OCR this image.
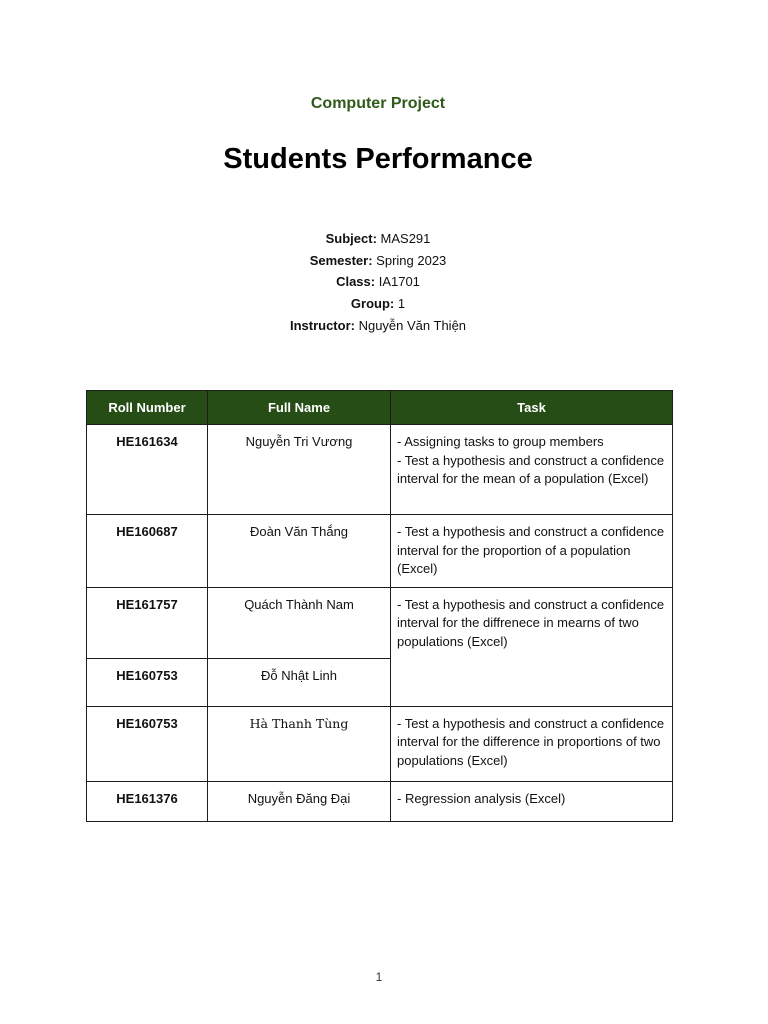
Computer Project
Students Performance
Subject: MAS291
Semester: Spring 2023
Class: IA1701
Group: 1
Instructor: Nguyễn Văn Thiện
Roll Number	Full Name	Task
HE161634	Nguyễn Tri Vương	- Assigning tasks to group members
- Test a hypothesis and construct a confidence interval for the mean of a population (Excel)

HE160687	Đoàn Văn Thắng	- Test a hypothesis and construct a confidence interval for the proportion of a population (Excel)

HE161757	Quách Thành Nam	- Test a hypothesis and construct a confidence interval for the diffrenece in mearns of two populations (Excel)

HE160753	Đỗ Nhật Linh	
HE160753	Hà Thanh Tùng	- Test a hypothesis and construct a confidence interval for the difference in proportions of two populations (Excel)

HE161376	Nguyễn Đăng Đại	- Regression analysis (Excel)
1
